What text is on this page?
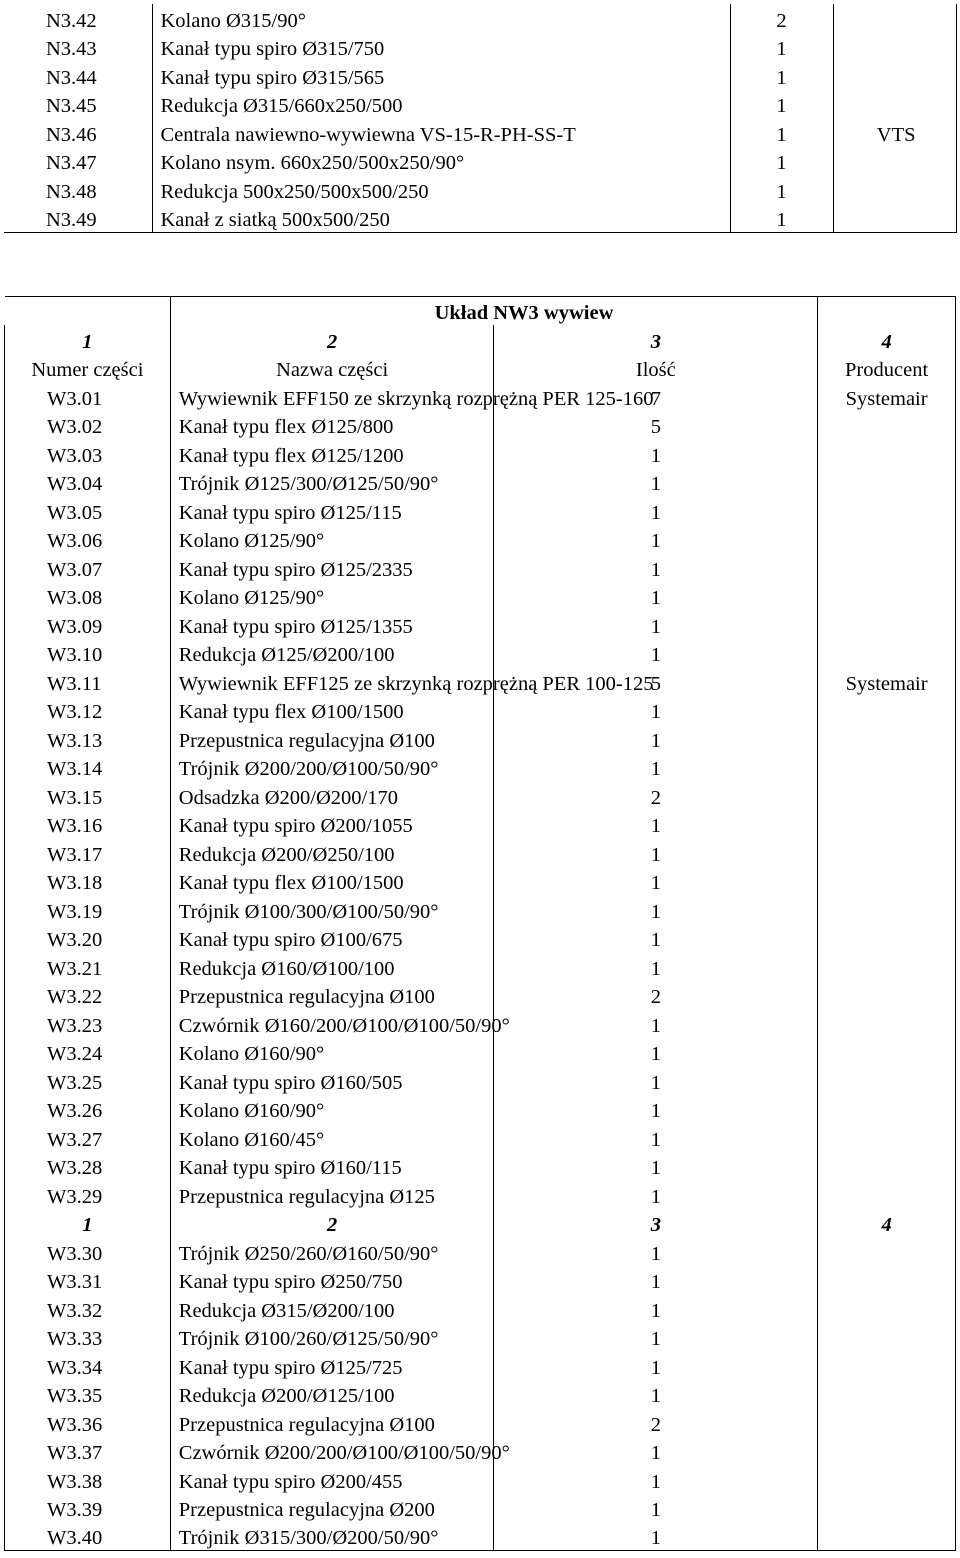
N3.42	Kolano Ø315/90°	2	
N3.43	Kanał typu spiro Ø315/750	1	
N3.44	Kanał typu spiro Ø315/565	1	
N3.45	Redukcja Ø315/660x250/500	1	
N3.46	Centrala nawiewno-wywiewna VS-15-R-PH-SS-T	1	VTS
N3.47	Kolano nsym. 660x250/500x250/90°	1	
N3.48	Redukcja 500x250/500x500/250	1	
N3.49	Kanał z siatką 500x500/250	1	
	Układ NW3 wywiew		
1	2	3	4
Numer części	Nazwa części	Ilość	Producent
W3.01	Wywiewnik EFF150 ze skrzynką rozprężną PER 125-160	7	Systemair
W3.02	Kanał typu flex Ø125/800	5	
W3.03	Kanał typu flex Ø125/1200	1	
W3.04	Trójnik Ø125/300/Ø125/50/90°	1	
W3.05	Kanał typu spiro Ø125/115	1	
W3.06	Kolano Ø125/90°	1	
W3.07	Kanał typu spiro Ø125/2335	1	
W3.08	Kolano Ø125/90°	1	
W3.09	Kanał typu spiro Ø125/1355	1	
W3.10	Redukcja Ø125/Ø200/100	1	
W3.11	Wywiewnik EFF125 ze skrzynką rozprężną PER 100-125	5	Systemair
W3.12	Kanał typu flex Ø100/1500	1	
W3.13	Przepustnica regulacyjna Ø100	1	
W3.14	Trójnik Ø200/200/Ø100/50/90°	1	
W3.15	Odsadzka Ø200/Ø200/170	2	
W3.16	Kanał typu spiro Ø200/1055	1	
W3.17	Redukcja Ø200/Ø250/100	1	
W3.18	Kanał typu flex Ø100/1500	1	
W3.19	Trójnik Ø100/300/Ø100/50/90°	1	
W3.20	Kanał typu spiro Ø100/675	1	
W3.21	Redukcja Ø160/Ø100/100	1	
W3.22	Przepustnica regulacyjna Ø100	2	
W3.23	Czwórnik Ø160/200/Ø100/Ø100/50/90°	1	
W3.24	Kolano Ø160/90°	1	
W3.25	Kanał typu spiro Ø160/505	1	
W3.26	Kolano Ø160/90°	1	
W3.27	Kolano Ø160/45°	1	
W3.28	Kanał typu spiro Ø160/115	1	
W3.29	Przepustnica regulacyjna Ø125	1	
1	2	3	4
W3.30	Trójnik Ø250/260/Ø160/50/90°	1	
W3.31	Kanał typu spiro Ø250/750	1	
W3.32	Redukcja Ø315/Ø200/100	1	
W3.33	Trójnik Ø100/260/Ø125/50/90°	1	
W3.34	Kanał typu spiro Ø125/725	1	
W3.35	Redukcja Ø200/Ø125/100	1	
W3.36	Przepustnica regulacyjna Ø100	2	
W3.37	Czwórnik Ø200/200/Ø100/Ø100/50/90°	1	
W3.38	Kanał typu spiro Ø200/455	1	
W3.39	Przepustnica regulacyjna Ø200	1	
W3.40	Trójnik Ø315/300/Ø200/50/90°	1	
